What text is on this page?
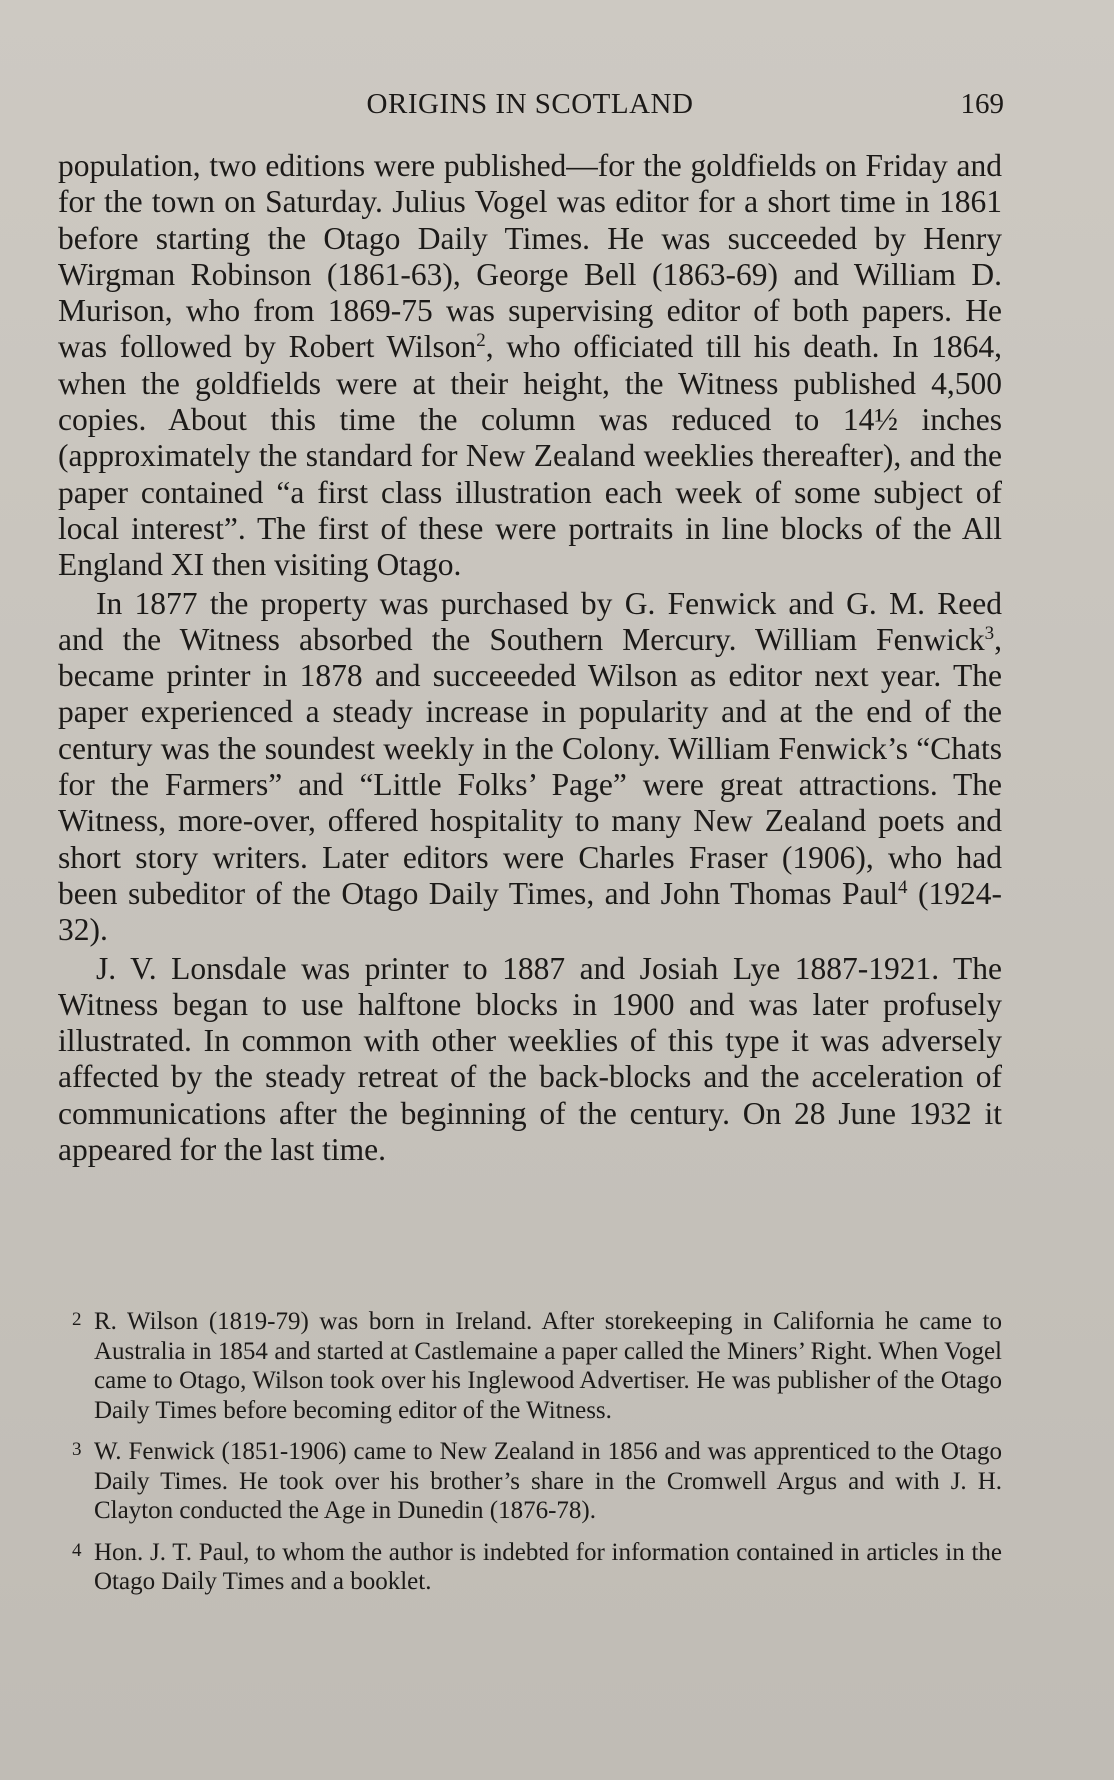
ORIGINS IN SCOTLAND	169

population, two editions were published—for the goldfields on Friday and for the town on Saturday. Julius Vogel was editor for a short time in 1861 before starting the Otago Daily Times. He was succeeded by Henry Wirgman Robinson (1861-63), George Bell (1863-69) and William D. Murison, who from 1869-75 was supervising editor of both papers. He was followed by Robert Wilson$^2$, who officiated till his death. In 1864, when the goldfields were at their height, the Witness published 4,500 copies. About this time the column was reduced to 14½ inches (approximately the standard for New Zealand weeklies thereafter), and the paper contained “a first class illustration each week of some subject of local interest”. The first of these were portraits in line blocks of the All England XI then visiting Otago.

In 1877 the property was purchased by G. Fenwick and G. M. Reed and the Witness absorbed the Southern Mercury. William Fenwick$^3$, became printer in 1878 and succeeeded Wilson as editor next year. The paper experienced a steady increase in popularity and at the end of the century was the soundest weekly in the Colony. William Fenwick’s “Chats for the Farmers” and “Little Folks’ Page” were great attractions. The Witness, more-over, offered hospitality to many New Zealand poets and short story writers. Later editors were Charles Fraser (1906), who had been subeditor of the Otago Daily Times, and John Thomas Paul$^4$ (1924-32).

J. V. Lonsdale was printer to 1887 and Josiah Lye 1887-1921. The Witness began to use halftone blocks in 1900 and was later profusely illustrated. In common with other weeklies of this type it was adversely affected by the steady retreat of the back-blocks and the acceleration of communications after the beginning of the century. On 28 June 1932 it appeared for the last time.

2 R. Wilson (1819-79) was born in Ireland. After storekeeping in California he came to Australia in 1854 and started at Castlemaine a paper called the Miners’ Right. When Vogel came to Otago, Wilson took over his Inglewood Advertiser. He was publisher of the Otago Daily Times before becoming editor of the Witness.

3 W. Fenwick (1851-1906) came to New Zealand in 1856 and was apprenticed to the Otago Daily Times. He took over his brother’s share in the Cromwell Argus and with J. H. Clayton conducted the Age in Dunedin (1876-78).

4 Hon. J. T. Paul, to whom the author is indebted for information contained in articles in the Otago Daily Times and a booklet.
